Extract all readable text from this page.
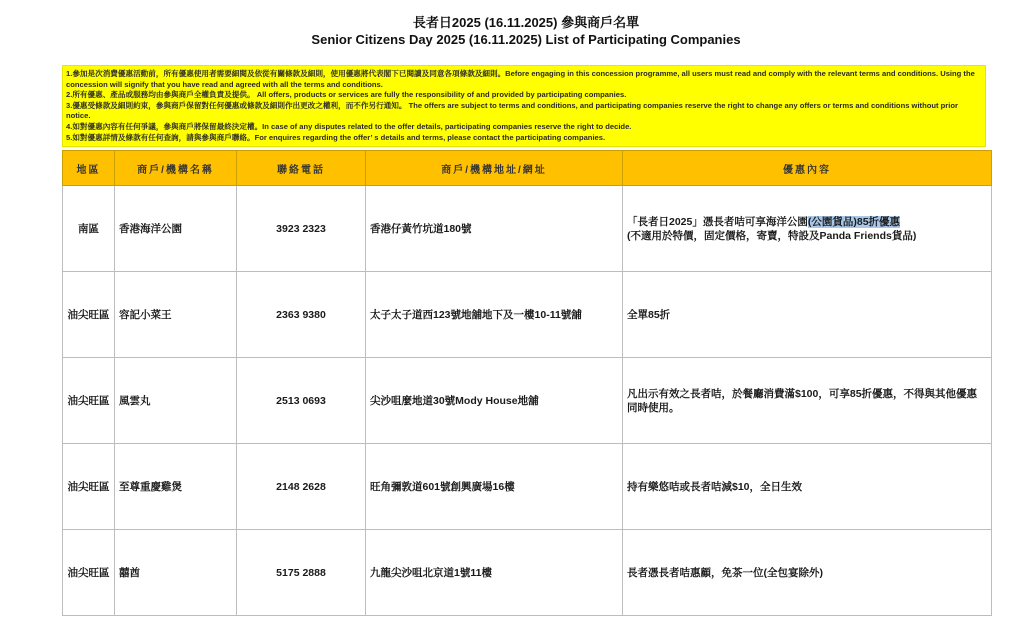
長者日2025 (16.11.2025) 參與商戶名單
Senior Citizens Day 2025 (16.11.2025) List of Participating Companies

1.參加是次消費優惠活動前，所有優惠使用者需要細閱及依從有關條款及細則，使用優惠將代表閣下已閱讀及同意各項條款及細則。Before engaging in this concession programme, all users must read and comply with the relevant terms and conditions. Using the concession will signify that you have read and agreed with all the terms and conditions.

2.所有優惠、產品或服務均由參與商戶全權負責及提供。 All offers, products or services are fully the responsibility of and provided by participating companies.

3.優惠受條款及細則約束，參與商戶保留對任何優惠或條款及細則作出更改之權利，而不作另行通知。 The offers are subject to terms and conditions, and participating companies reserve the right to change any offers or terms and conditions without prior notice.

4.如對優惠內容有任何爭議，參與商戶將保留最終決定權。In case of any disputes related to the offer details, participating companies reserve the right to decide.

5.如對優惠詳情及條款有任何查詢，請與參與商戶聯絡。For enquires regarding the offer’ s details and terms, please contact the participating companies.

地區	商戶/機構名稱	聯絡電話	商戶/機構地址/網址	優惠內容
南區	香港海洋公園	3923 2323	香港仔黃竹坑道180號	「長者日2025」憑長者咭可享海洋公園(公園貨品)85折優惠
(不適用於特價，固定價格，寄賣，特設及Panda Friends貨品)
油尖旺區	容記小菜王	2363 9380	太子太子道西123號地舖地下及一樓10-11號舖	全單85折
油尖旺區	風雲丸	2513 0693	尖沙咀麼地道30號Mody House地舖	凡出示有效之長者咭，於餐廳消費滿$100，可享85折優惠，不得與其他優惠同時使用。
油尖旺區	至尊重慶雞煲	2148 2628	旺角彌敦道601號創興廣場16樓	持有樂悠咭或長者咭減$10，全日生效
油尖旺區	囍酋	5175 2888	九龍尖沙咀北京道1號11樓	長者憑長者咭惠顧，免茶一位(全包宴除外)
